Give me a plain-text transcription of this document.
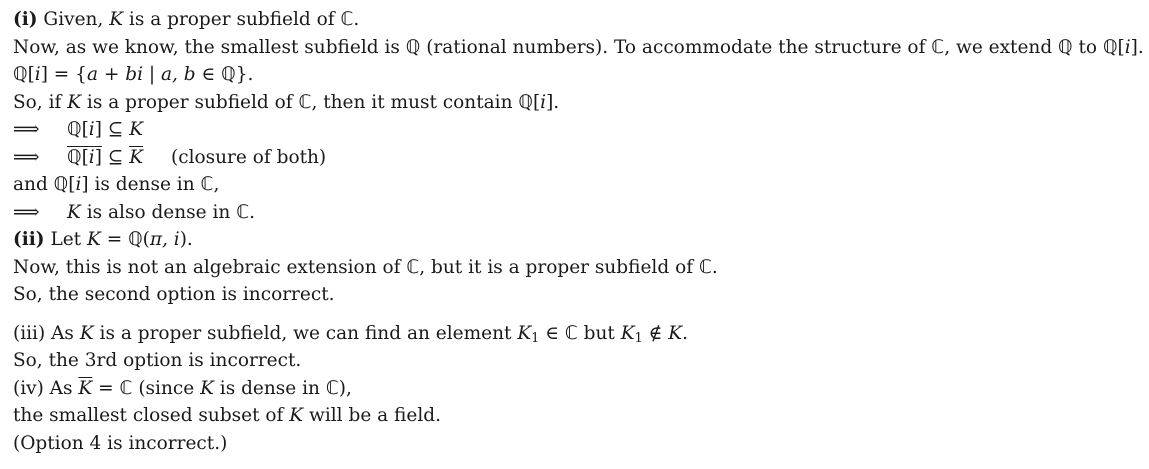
(i) Given, K is a proper subfield of ℂ.
Now, as we know, the smallest subfield is ℚ (rational numbers). To accommodate the structure of ℂ, we extend ℚ to ℚ[i].
ℚ[i] = {a + bi | a, b ∈ ℚ}.
So, if K is a proper subfield of ℂ, then it must contain ℚ[i].
⟹ ℚ[i] ⊆ K
⟹ ℚ[i] ⊆ $\overline{K}$ (closure of both)
and ℚ[i] is dense in ℂ,
⟹ K is also dense in ℂ.
(ii) Let K = ℚ(π, i).
Now, this is not an algebraic extension of ℂ, but it is a proper subfield of ℂ.
So, the second option is incorrect.
(iii) As K is a proper subfield, we can find an element $K_1$ ∈ ℂ but $K_1$ ∉ K.
So, the 3rd option is incorrect.
(iv) As $\overline{K}$ = ℂ (since K is dense in ℂ),
the smallest closed subset of K will be a field.
(Option 4 is incorrect.)
